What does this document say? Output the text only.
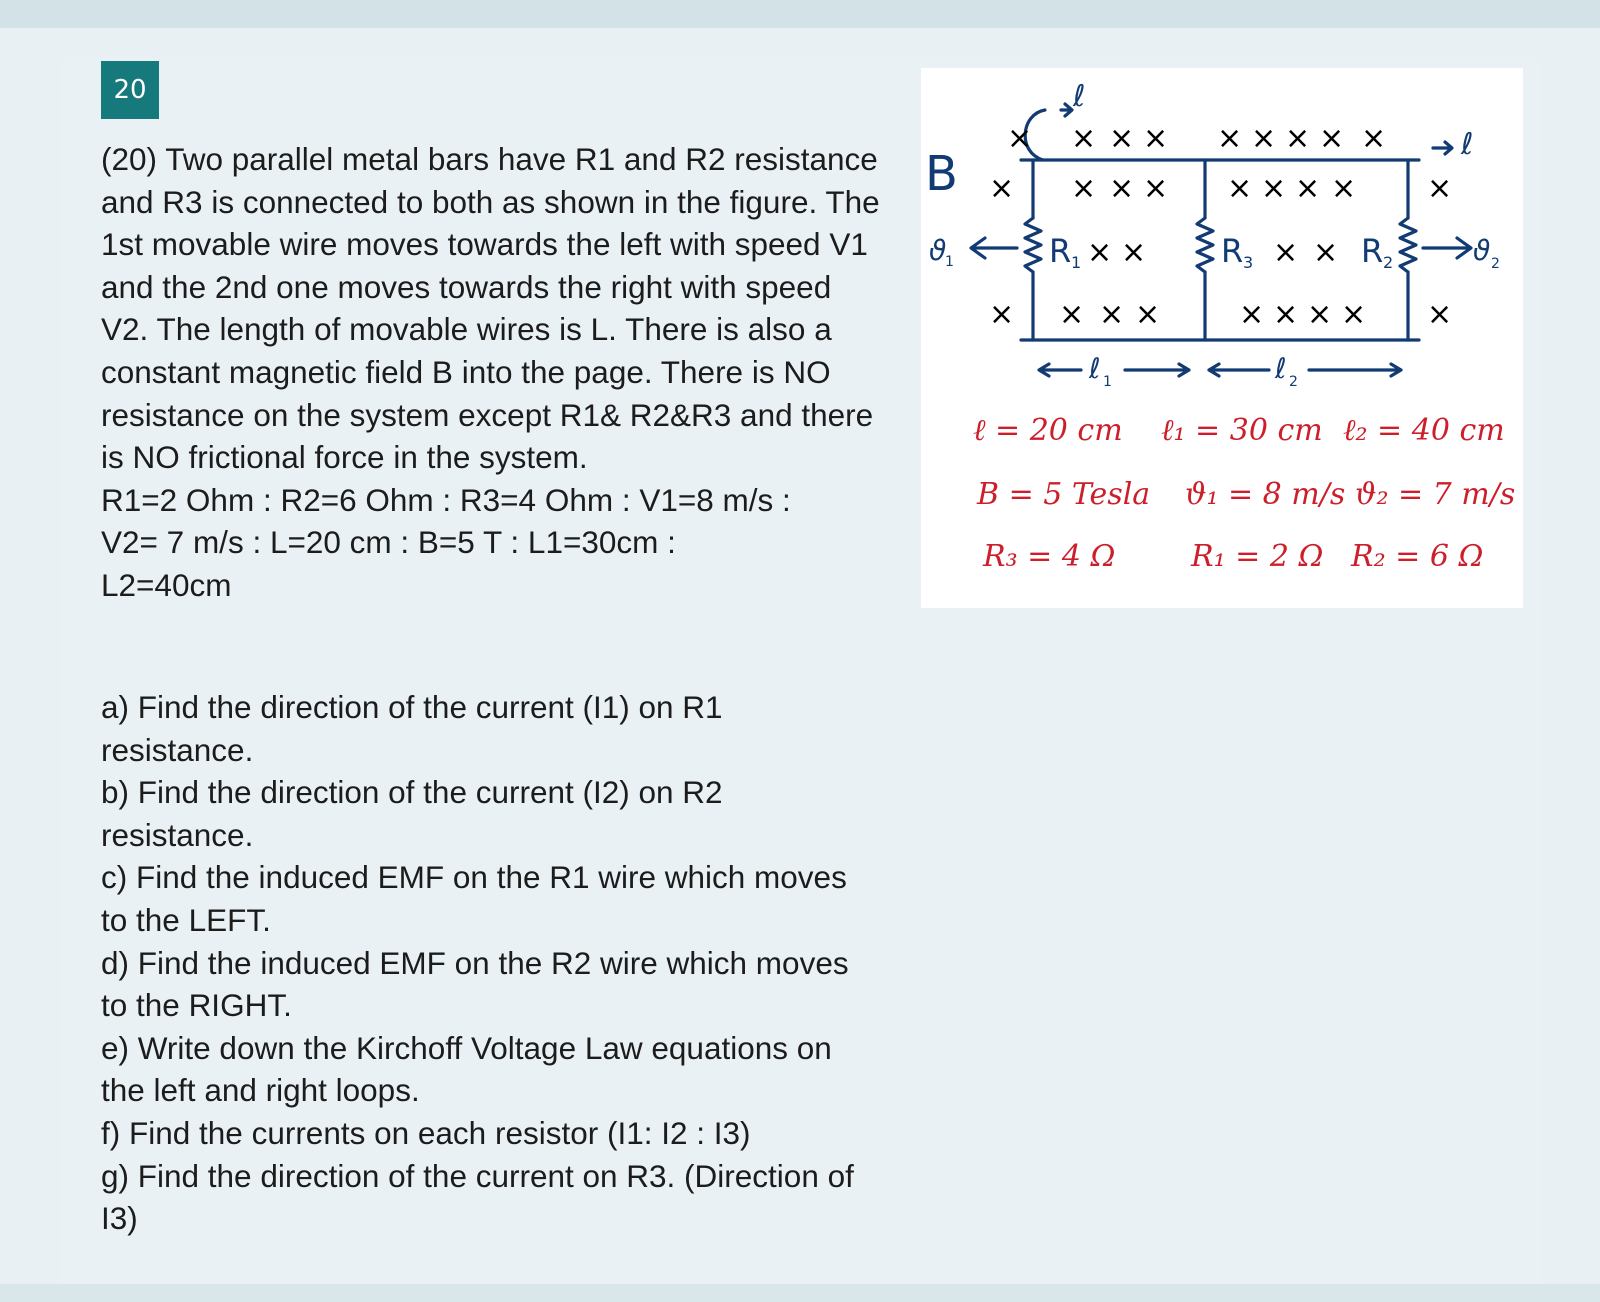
20

(20) Two parallel metal bars have R1 and R2 resistance and R3 is connected to both as shown in the figure. The 1st movable wire moves towards the left with speed V1 and the 2nd one moves towards the right with speed V2. The length of movable wires is L. There is also a constant magnetic field B into the page. There is NO resistance on the system except R1& R2&R3 and there is NO frictional force in the system.

R1=2 Ohm : R2=6 Ohm : R3=4 Ohm : V1=8 m/s :

V2= 7 m/s : L=20 cm : B=5 T : L1=30cm :

L2=40cm

a) Find the direction of the current (I1) on R1 resistance.

b) Find the direction of the current (I2) on R2 resistance.

c) Find the induced EMF on the R1 wire which moves to the LEFT.

d) Find the induced EMF on the R2 wire which moves to the RIGHT.

e) Write down the Kirchoff Voltage Law equations on the left and right loops.

f) Find the currents on each resistor (I1: I2 : I3)

g) Find the direction of the current on R3. (Direction of I3)

B
ℓ
ℓ
ϑ
1	ϑ 2
R 1	R 3	R 2
× × × × × × × × ×
× × × × × × × × ×
× ×	× ×
× × × ×	× × × × ×
ℓ 1	ℓ 2
ℓ = 20 cm ℓ₁ = 30 cm ℓ₂ = 40 cm
B = 5 Tesla ϑ₁ = 8 m/s ϑ₂ = 7 m/s
R₃ = 4 Ω	R₁ = 2 Ω R₂ = 6 Ω
